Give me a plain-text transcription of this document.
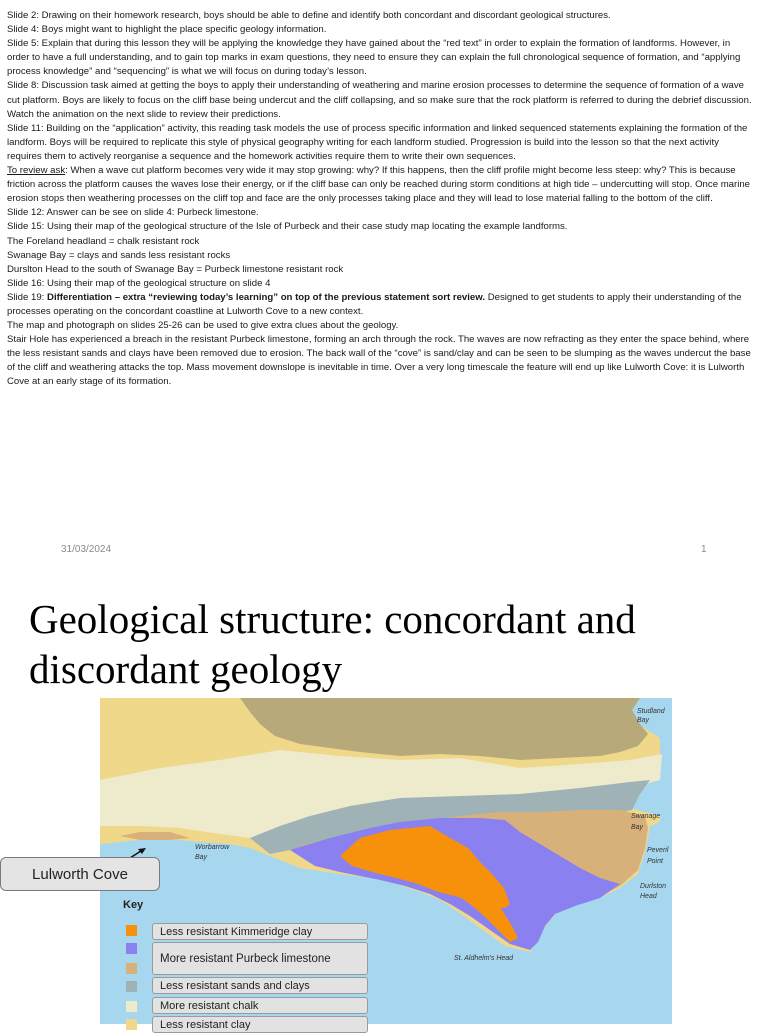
Slide 2: Drawing on their homework research, boys should be able to define and identify both concordant and discordant geological structures.

Slide 4: Boys might want to highlight the place specific geology information.

Slide 5: Explain that during this lesson they will be applying the knowledge they have gained about the “red text” in order to explain the formation of landforms. However, in order to have a full understanding, and to gain top marks in exam questions, they need to ensure they can explain the full chronological sequence of formation, and “applying process knowledge” and “sequencing” is what we will focus on during today’s lesson.

Slide 8: Discussion task aimed at getting the boys to apply their understanding of weathering and marine erosion processes to determine the sequence of formation of a wave cut platform. Boys are likely to focus on the cliff base being undercut and the cliff collapsing, and so make sure that the rock platform is referred to during the debrief discussion. Watch the animation on the next slide to review their predictions.

Slide 11: Building on the “application” activity, this reading task models the use of process specific information and linked sequenced statements explaining the formation of the landform. Boys will be required to replicate this style of physical geography writing for each landform studied. Progression is build into the lesson so that the next activity requires them to actively reorganise a sequence and the homework activities require them to write their own sequences.

To review ask: When a wave cut platform becomes very wide it may stop growing: why? If this happens, then the cliff profile might become less steep: why? This is because friction across the platform causes the waves lose their energy, or if the cliff base can only be reached during storm conditions at high tide – undercutting will stop. Once marine erosion stops then weathering processes on the cliff top and face are the only processes taking place and they will lead to lose material falling to the bottom of the cliff.

Slide 12: Answer can be see on slide 4: Purbeck limestone.

Slide 15: Using their map of the geological structure of the Isle of Purbeck and their case study map locating the example landforms.

The Foreland headland = chalk resistant rock

Swanage Bay = clays and sands less resistant rocks

Durslton Head to the south of Swanage Bay = Purbeck limestone resistant rock

Slide 16: Using their map of the geological structure on slide 4

Slide 19: Differentiation – extra “reviewing today’s learning” on top of the previous statement sort review. Designed to get students to apply their understanding of the processes operating on the concordant coastline at Lulworth Cove to a new context.

The map and photograph on slides 25-26 can be used to give extra clues about the geology.

Stair Hole has experienced a breach in the resistant Purbeck limestone, forming an arch through the rock. The waves are now refracting as they enter the space behind, where the less resistant sands and clays have been removed due to erosion. The back wall of the “cove” is sand/clay and can be seen to be slumping as the waves undercut the base of the cliff and weathering attacks the top. Mass movement downslope is inevitable in time. Over a very long timescale the feature will end up like Lulworth Cove: it is Lulworth Cove at an early stage of its formation.

31/03/2024	1
Geological structure: concordant and discordant geology
Studland Bay
Swanage Bay
Peveril Point
Durlston Head
Worbarrow Bay
St. Aldhelm's Head
Lulworth Cove
Key
Less resistant Kimmeridge clay
More resistant Purbeck limestone
Less resistant sands and clays
More resistant chalk
Less resistant clay
